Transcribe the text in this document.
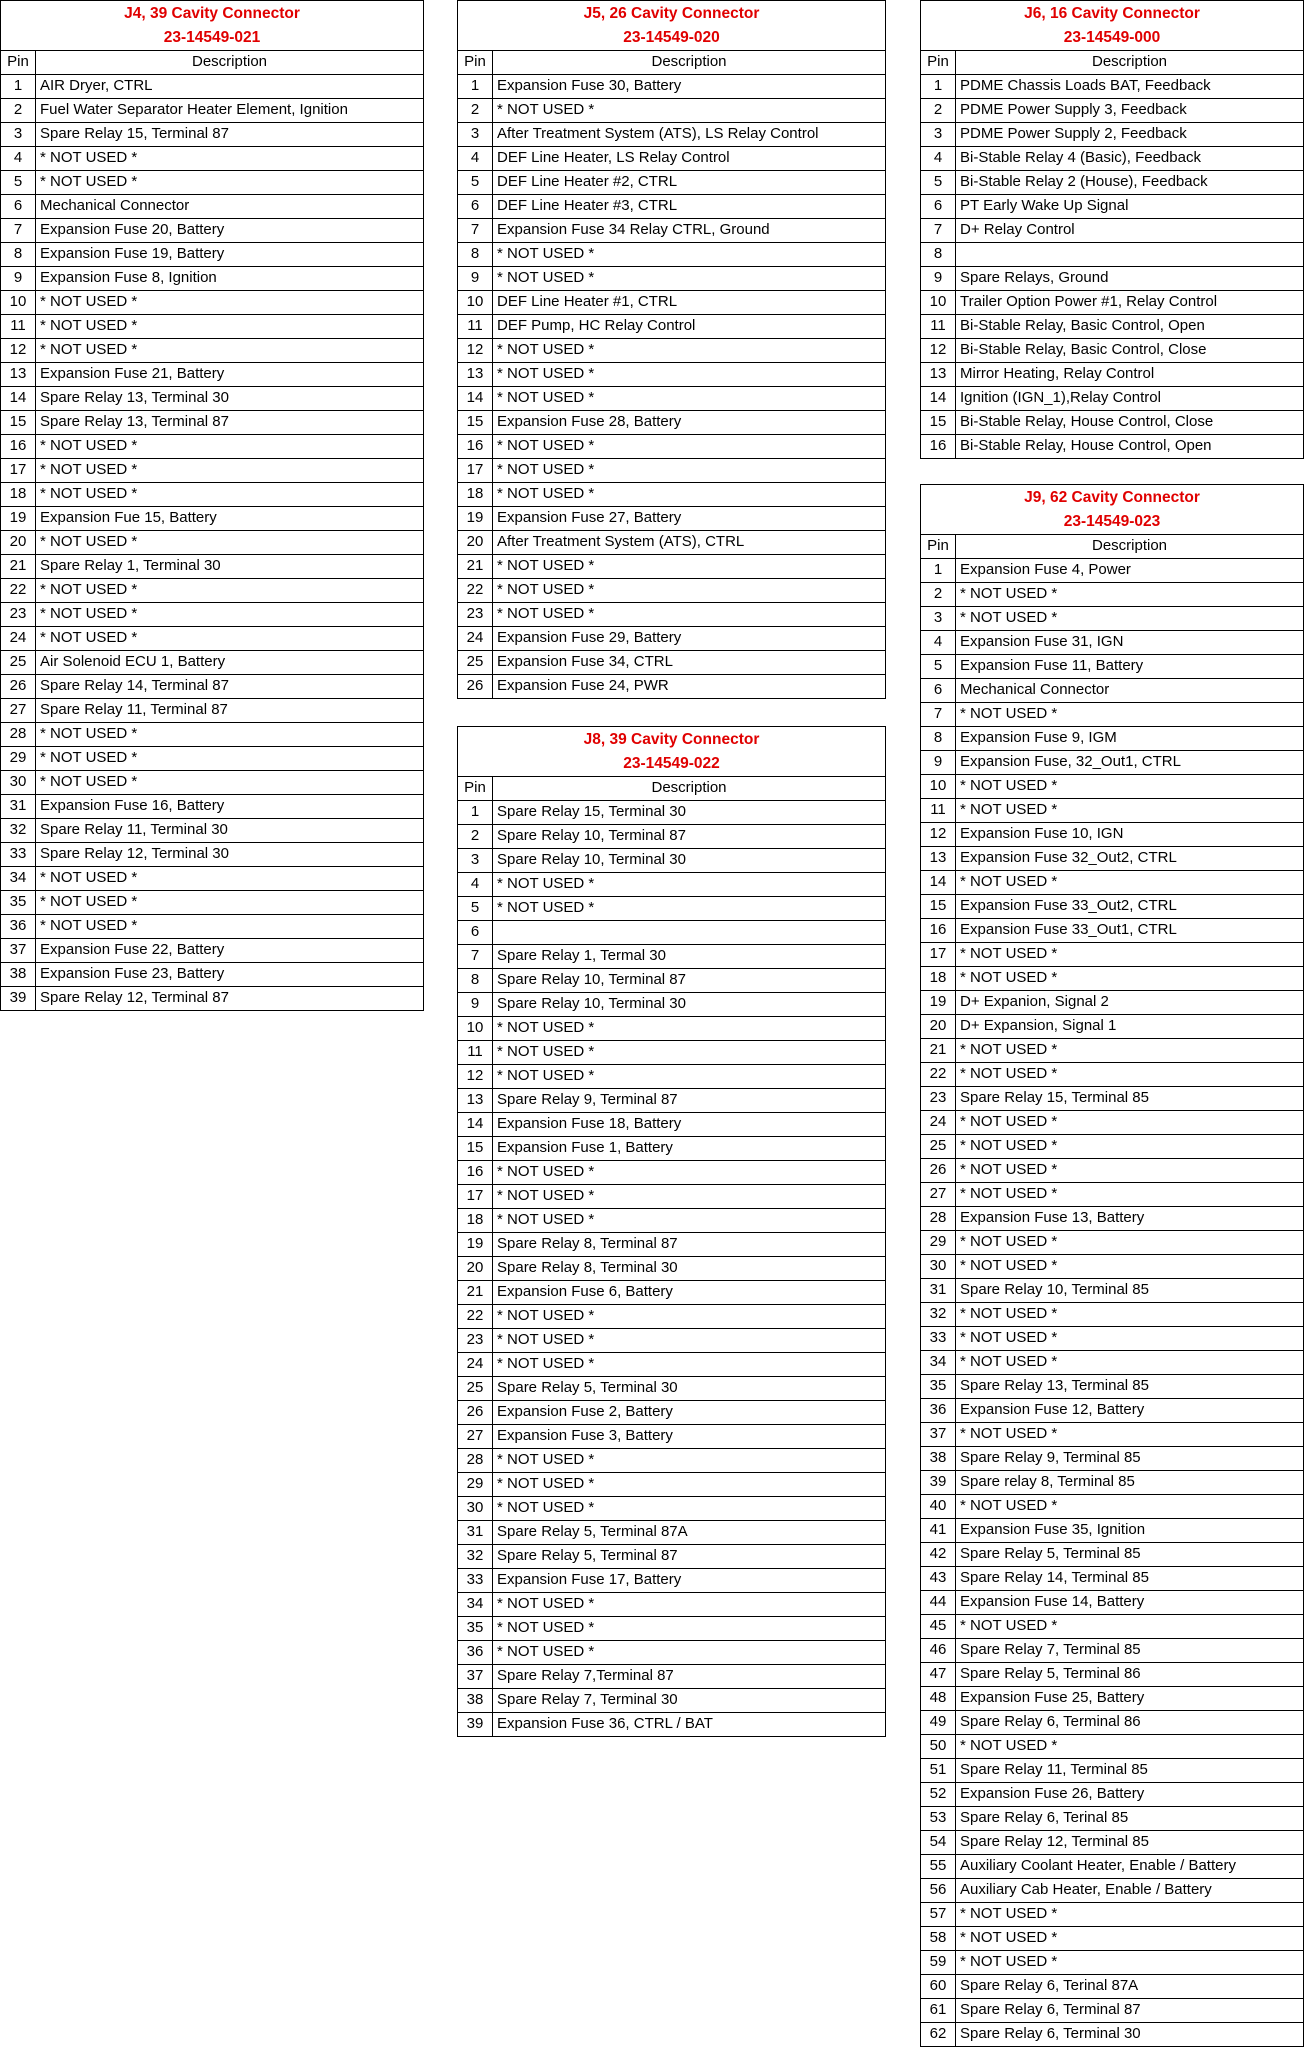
J4, 39 Cavity Connector
23-14549-021
Pin	Description
1	AIR Dryer, CTRL
2	Fuel Water Separator Heater Element, Ignition
3	Spare Relay 15, Terminal 87
4	* NOT USED *
5	* NOT USED *
6	Mechanical Connector
7	Expansion Fuse 20, Battery
8	Expansion Fuse 19, Battery
9	Expansion Fuse 8, Ignition
10 * NOT USED *
11 * NOT USED *
12 * NOT USED *
13 Expansion Fuse 21, Battery
14 Spare Relay 13, Terminal 30
15 Spare Relay 13, Terminal 87
16 * NOT USED *
17 * NOT USED *
18 * NOT USED *
19 Expansion Fue 15, Battery
20 * NOT USED *
21 Spare Relay 1, Terminal 30
22 * NOT USED *
23 * NOT USED *
24 * NOT USED *
25 Air Solenoid ECU 1, Battery
26 Spare Relay 14, Terminal 87
27 Spare Relay 11, Terminal 87
28 * NOT USED *
29 * NOT USED *
30 * NOT USED *
31 Expansion Fuse 16, Battery
32 Spare Relay 11, Terminal 30
33 Spare Relay 12, Terminal 30
34 * NOT USED *
35 * NOT USED *
36 * NOT USED *
37 Expansion Fuse 22, Battery
38 Expansion Fuse 23, Battery
39 Spare Relay 12, Terminal 87
J5, 26 Cavity Connector
23-14549-020
Pin	Description
1	Expansion Fuse 30, Battery
2	* NOT USED *
3	After Treatment System (ATS), LS Relay Control
4	DEF Line Heater, LS Relay Control
5	DEF Line Heater #2, CTRL
6	DEF Line Heater #3, CTRL
7	Expansion Fuse 34 Relay CTRL, Ground
8	* NOT USED *
9	* NOT USED *
10 DEF Line Heater #1, CTRL
11 DEF Pump, HC Relay Control
12 * NOT USED *
13 * NOT USED *
14 * NOT USED *
15 Expansion Fuse 28, Battery
16 * NOT USED *
17 * NOT USED *
18 * NOT USED *
19 Expansion Fuse 27, Battery
20 After Treatment System (ATS), CTRL
21 * NOT USED *
22 * NOT USED *
23 * NOT USED *
24 Expansion Fuse 29, Battery
25 Expansion Fuse 34, CTRL
26 Expansion Fuse 24, PWR
J8, 39 Cavity Connector
23-14549-022
Pin	Description
1	Spare Relay 15, Terminal 30
2	Spare Relay 10, Terminal 87
3	Spare Relay 10, Terminal 30
4	* NOT USED *
5	* NOT USED *
6
7	Spare Relay 1, Termal 30
8	Spare Relay 10, Terminal 87
9	Spare Relay 10, Terminal 30
10 * NOT USED *
11 * NOT USED *
12 * NOT USED *
13 Spare Relay 9, Terminal 87
14 Expansion Fuse 18, Battery
15 Expansion Fuse 1, Battery
16 * NOT USED *
17 * NOT USED *
18 * NOT USED *
19 Spare Relay 8, Terminal 87
20 Spare Relay 8, Terminal 30
21 Expansion Fuse 6, Battery
22 * NOT USED *
23 * NOT USED *
24 * NOT USED *
25 Spare Relay 5, Terminal 30
26 Expansion Fuse 2, Battery
27 Expansion Fuse 3, Battery
28 * NOT USED *
29 * NOT USED *
30 * NOT USED *
31 Spare Relay 5, Terminal 87A
32 Spare Relay 5, Terminal 87
33 Expansion Fuse 17, Battery
34 * NOT USED *
35 * NOT USED *
36 * NOT USED *
37 Spare Relay 7,Terminal 87
38 Spare Relay 7, Terminal 30
39 Expansion Fuse 36, CTRL / BAT
J6, 16 Cavity Connector
23-14549-000
Pin	Description
1	PDME Chassis Loads BAT, Feedback
2	PDME Power Supply 3, Feedback
3	PDME Power Supply 2, Feedback
4	Bi-Stable Relay 4 (Basic), Feedback
5	Bi-Stable Relay 2 (House), Feedback
6	PT Early Wake Up Signal
7	D+ Relay Control
8
9	Spare Relays, Ground
10 Trailer Option Power #1, Relay Control
11 Bi-Stable Relay, Basic Control, Open
12 Bi-Stable Relay, Basic Control, Close
13 Mirror Heating, Relay Control
14 Ignition (IGN_1),Relay Control
15 Bi-Stable Relay, House Control, Close
16 Bi-Stable Relay, House Control, Open
J9, 62 Cavity Connector
23-14549-023
Pin	Description
1	Expansion Fuse 4, Power
2	* NOT USED *
3	* NOT USED *
4	Expansion Fuse 31, IGN
5	Expansion Fuse 11, Battery
6	Mechanical Connector
7	* NOT USED *
8	Expansion Fuse 9, IGM
9	Expansion Fuse, 32_Out1, CTRL
10 * NOT USED *
11 * NOT USED *
12 Expansion Fuse 10, IGN
13 Expansion Fuse 32_Out2, CTRL
14 * NOT USED *
15 Expansion Fuse 33_Out2, CTRL
16 Expansion Fuse 33_Out1, CTRL
17 * NOT USED *
18 * NOT USED *
19 D+ Expanion, Signal 2
20 D+ Expansion, Signal 1
21 * NOT USED *
22 * NOT USED *
23 Spare Relay 15, Terminal 85
24 * NOT USED *
25 * NOT USED *
26 * NOT USED *
27 * NOT USED *
28 Expansion Fuse 13, Battery
29 * NOT USED *
30 * NOT USED *
31 Spare Relay 10, Terminal 85
32 * NOT USED *
33 * NOT USED *
34 * NOT USED *
35 Spare Relay 13, Terminal 85
36 Expansion Fuse 12, Battery
37 * NOT USED *
38 Spare Relay 9, Terminal 85
39 Spare relay 8, Terminal 85
40 * NOT USED *
41 Expansion Fuse 35, Ignition
42 Spare Relay 5, Terminal 85
43 Spare Relay 14, Terminal 85
44 Expansion Fuse 14, Battery
45 * NOT USED *
46 Spare Relay 7, Terminal 85
47 Spare Relay 5, Terminal 86
48 Expansion Fuse 25, Battery
49 Spare Relay 6, Terminal 86
50 * NOT USED *
51 Spare Relay 11, Terminal 85
52 Expansion Fuse 26, Battery
53 Spare Relay 6, Terinal 85
54 Spare Relay 12, Terminal 85
55 Auxiliary Coolant Heater, Enable / Battery
56 Auxiliary Cab Heater, Enable / Battery
57 * NOT USED *
58 * NOT USED *
59 * NOT USED *
60 Spare Relay 6, Terinal 87A
61 Spare Relay 6, Terminal 87
62 Spare Relay 6, Terminal 30
